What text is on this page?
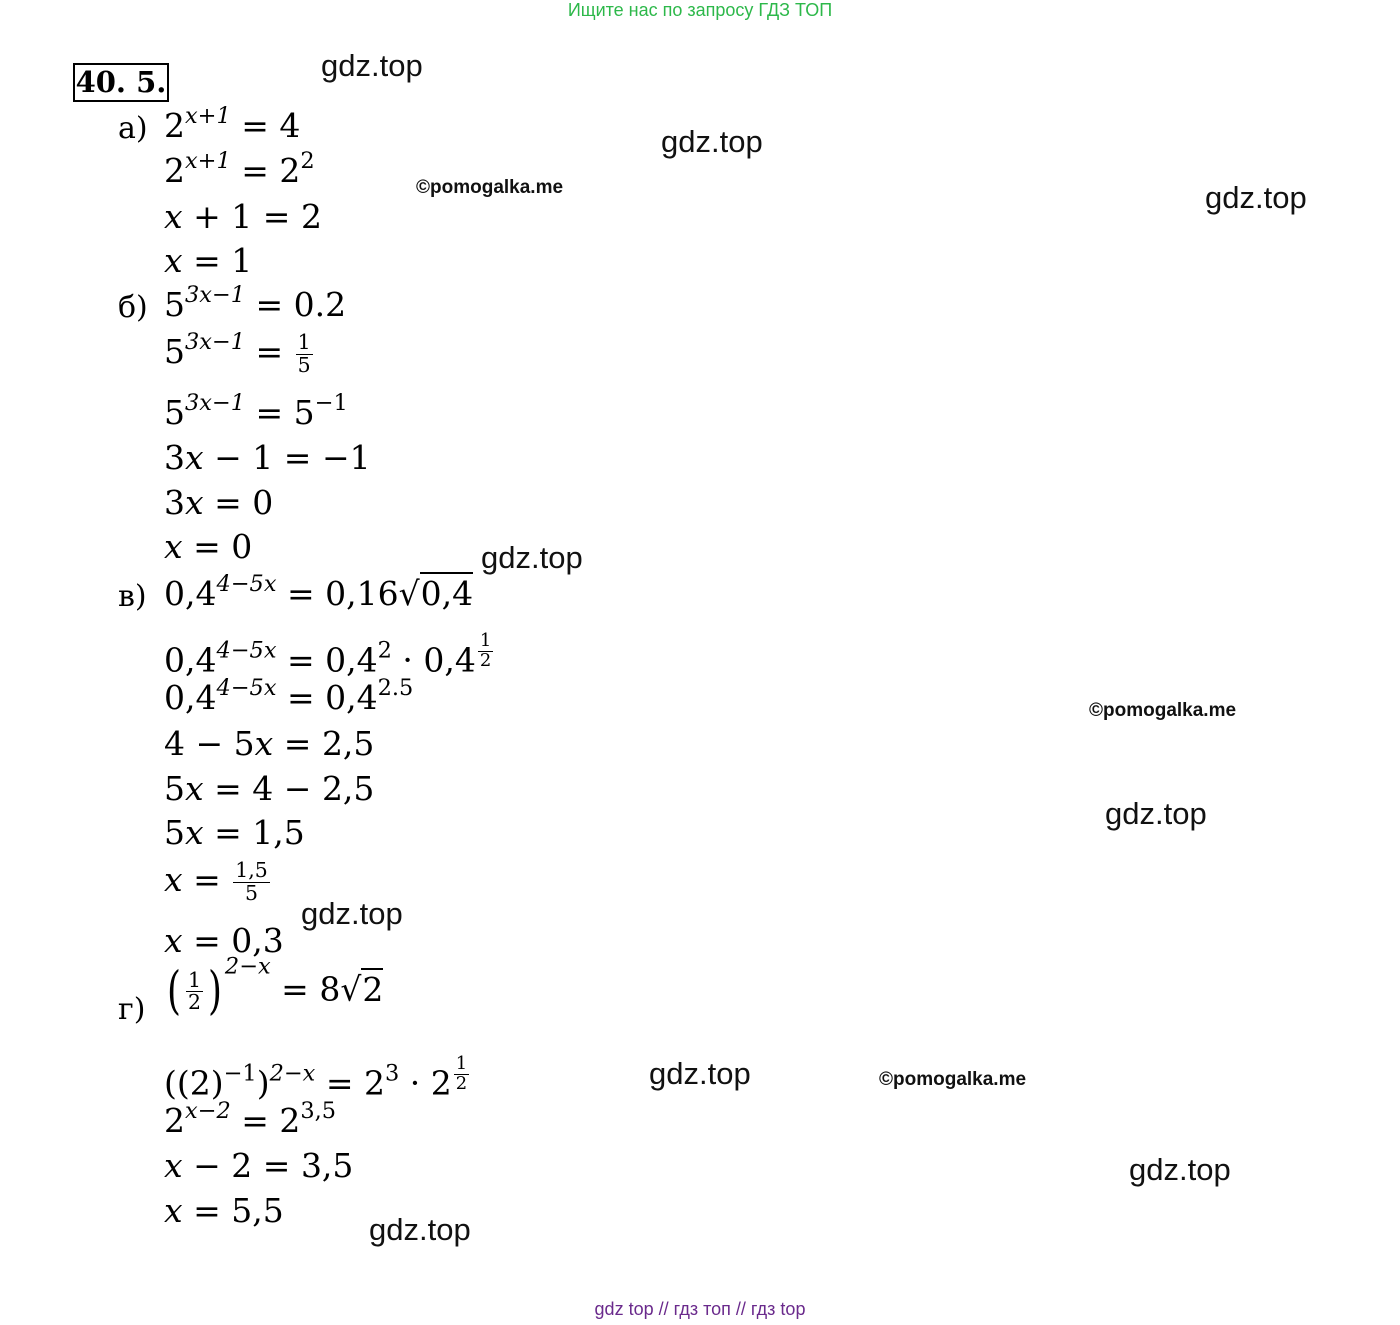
Ищите нас по запросу ГДЗ ТОП
40. 5.	gdz.top
gdz.top
gdz.top
gdz.top
gdz.top
gdz.top
gdz.top
gdz.top
gdz.top
©pomogalka.me
©pomogalka.me
©pomogalka.me
а) $2^{x+1} = 4$
$2^{x+1} = 2^2$
x + 1 = 2
x = 1
б) $5^{3x-1} = 0.2$
$5^{3x-1} = \frac{1}{5}$
$5^{3x-1} = 5^{-1}$
3x − 1 = −1
3x = 0
x = 0
в) $0,4^{4-5x} = 0,16√0,4$
$0,4^{4-5x} = 0,4^2 \cdot 0,4$ $^{\frac{1}{2}}$
$0,4^{4-5x} = 0,4^{2.5}$
4 − 5x = 2,5
5x = 4 − 2,5
5x = 1,5
$x = \frac{1,5}{5}$
x = 0,3
г) ( $\frac{1}{2}$ ) $^{2-x}$ = 8√2
$((2)^{-1})^{2-x} = 2^3 \cdot 2$ $^{\frac{1}{2}}$
$2^{x-2} = 2^{3,5}$
x − 2 = 3,5
x = 5,5
gdz top // гдз топ // гдз top
